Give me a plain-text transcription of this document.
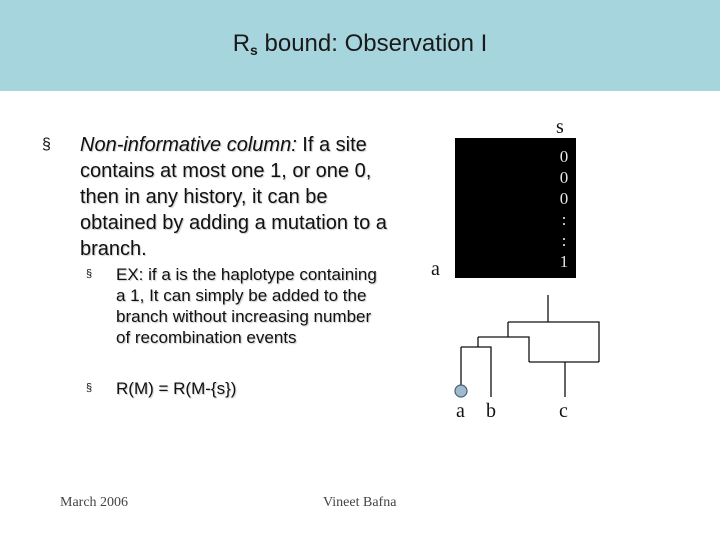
$R_s$ bound: Observation I
§ Non-informative column: If a site contains at most one 1, or one 0, then in any history, it can be obtained by adding a mutation to a branch.
§ EX: if a is the haplotype containing a 1, It can simply be added to the branch without increasing number of recombination events
§ R(M) = R(M-{s})
s
0
0
0
:
:
1
a
a b	c
March 2006	Vineet Bafna
